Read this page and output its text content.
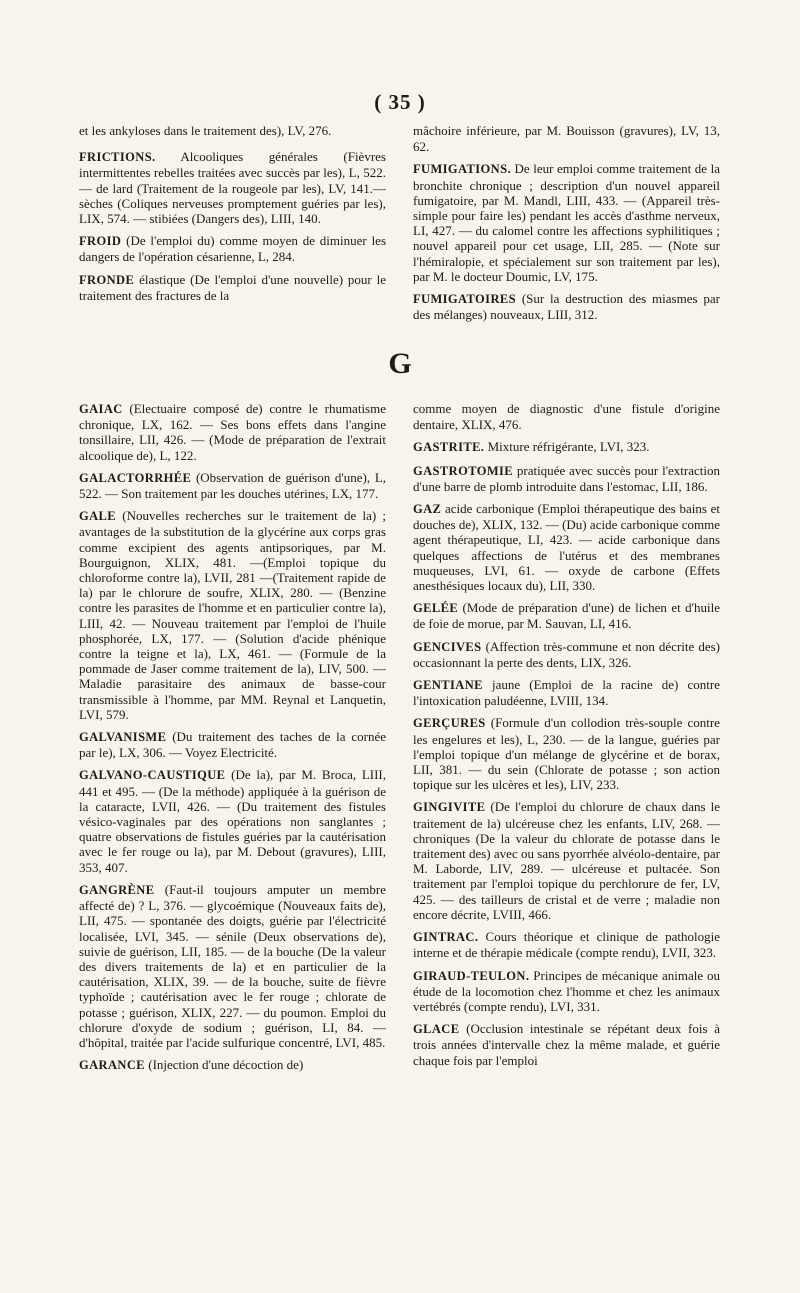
( 35 )

et les ankyloses dans le traitement des), LV, 276.

FRICTIONS. Alcooliques générales (Fièvres intermittentes rebelles traitées avec succès par les), L, 522. — de lard (Traitement de la rougeole par les), LV, 141.—sèches (Coliques nerveuses promptement guéries par les), LIX, 574. — stibiées (Dangers des), LIII, 140.

FROID (De l'emploi du) comme moyen de diminuer les dangers de l'opération césarienne, L, 284.

FRONDE élastique (De l'emploi d'une nouvelle) pour le traitement des fractures de la

mâchoire inférieure, par M. Bouisson (gravures), LV, 13, 62.

FUMIGATIONS. De leur emploi comme traitement de la bronchite chronique ; description d'un nouvel appareil fumigatoire, par M. Mandl, LIII, 433. — (Appareil très-simple pour faire les) pendant les accès d'asthme nerveux, LI, 427. — du calomel contre les affections syphilitiques ; nouvel appareil pour cet usage, LII, 285. — (Note sur l'hémiralopie, et spécialement sur son traitement par les), par M. le docteur Doumic, LV, 175.

FUMIGATOIRES (Sur la destruction des miasmes par des mélanges) nouveaux, LIII, 312.

G

GAIAC (Electuaire composé de) contre le rhumatisme chronique, LX, 162. — Ses bons effets dans l'angine tonsillaire, LII, 426. — (Mode de préparation de l'extrait alcoolique de), L, 122.

GALACTORRHÉE (Observation de guérison d'une), L, 522. — Son traitement par les douches utérines, LX, 177.

GALE (Nouvelles recherches sur le traitement de la) ; avantages de la substitution de la glycérine aux corps gras comme excipient des agents antipsoriques, par M. Bourguignon, XLIX, 481. —(Emploi topique du chloroforme contre la), LVII, 281 —(Traitement rapide de la) par le chlorure de soufre, XLIX, 280. — (Benzine contre les parasites de l'homme et en particulier contre la), LIII, 42. — Nouveau traitement par l'emploi de l'huile phosphorée, LX, 177. — (Solution d'acide phénique contre la teigne et la), LX, 461. — (Formule de la pommade de Jaser comme traitement de la), LIV, 500. — Maladie parasitaire des animaux de basse-cour transmissible à l'homme, par MM. Reynal et Lanquetin, LVI, 579.

GALVANISME (Du traitement des taches de la cornée par le), LX, 306. — Voyez Electricité.

GALVANO-CAUSTIQUE (De la), par M. Broca, LIII, 441 et 495. — (De la méthode) appliquée à la guérison de la cataracte, LVII, 426. — (Du traitement des fistules vésico-vaginales par des opérations non sanglantes ; quatre observations de fistules guéries par la cautérisation avec le fer rouge ou la), par M. Debout (gravures), LIII, 353, 407.

GANGRÈNE (Faut-il toujours amputer un membre affecté de) ? L, 376. — glycoémique (Nouveaux faits de), LII, 475. — spontanée des doigts, guérie par l'électricité localisée, LVI, 345. — sénile (Deux observations de), suivie de guérison, LII, 185. — de la bouche (De la valeur des divers traitements de la) et en particulier de la cautérisation, XLIX, 39. — de la bouche, suite de fièvre typhoïde ; cautérisation avec le fer rouge ; chlorate de potasse ; guérison, XLIX, 227. — du poumon. Emploi du chlorure d'oxyde de sodium ; guérison, LI, 84. — d'hôpital, traitée par l'acide sulfurique concentré, LVI, 485.

GARANCE (Injection d'une décoction de)

comme moyen de diagnostic d'une fistule d'origine dentaire, XLIX, 476.

GASTRITE. Mixture réfrigérante, LVI, 323.

GASTROTOMIE pratiquée avec succès pour l'extraction d'une barre de plomb introduite dans l'estomac, LII, 186.

GAZ acide carbonique (Emploi thérapeutique des bains et douches de), XLIX, 132. — (Du) acide carbonique comme agent thérapeutique, LI, 423. — acide carbonique dans quelques affections de l'utérus et des membranes muqueuses, LVI, 61. — oxyde de carbone (Effets anesthésiques locaux du), LII, 330.

GELÉE (Mode de préparation d'une) de lichen et d'huile de foie de morue, par M. Sauvan, LI, 416.

GENCIVES (Affection très-commune et non décrite des) occasionnant la perte des dents, LIX, 326.

GENTIANE jaune (Emploi de la racine de) contre l'intoxication paludéenne, LVIII, 134.

GERÇURES (Formule d'un collodion très-souple contre les engelures et les), L, 230. — de la langue, guéries par l'emploi topique d'un mélange de glycérine et de borax, LII, 381. — du sein (Chlorate de potasse ; son action topique sur les ulcères et les), LIV, 233.

GINGIVITE (De l'emploi du chlorure de chaux dans le traitement de la) ulcéreuse chez les enfants, LIV, 268. — chroniques (De la valeur du chlorate de potasse dans le traitement des) avec ou sans pyorrhée alvéolo-dentaire, par M. Laborde, LIV, 289. — ulcéreuse et pultacée. Son traitement par l'emploi topique du perchlorure de fer, LV, 425. — des tailleurs de cristal et de verre ; maladie non encore décrite, LVIII, 466.

GINTRAC. Cours théorique et clinique de pathologie interne et de thérapie médicale (compte rendu), LVII, 323.

GIRAUD-TEULON. Principes de mécanique animale ou étude de la locomotion chez l'homme et chez les animaux vertébrés (compte rendu), LVI, 331.

GLACE (Occlusion intestinale se répétant deux fois à trois années d'intervalle chez la même malade, et guérie chaque fois par l'emploi
